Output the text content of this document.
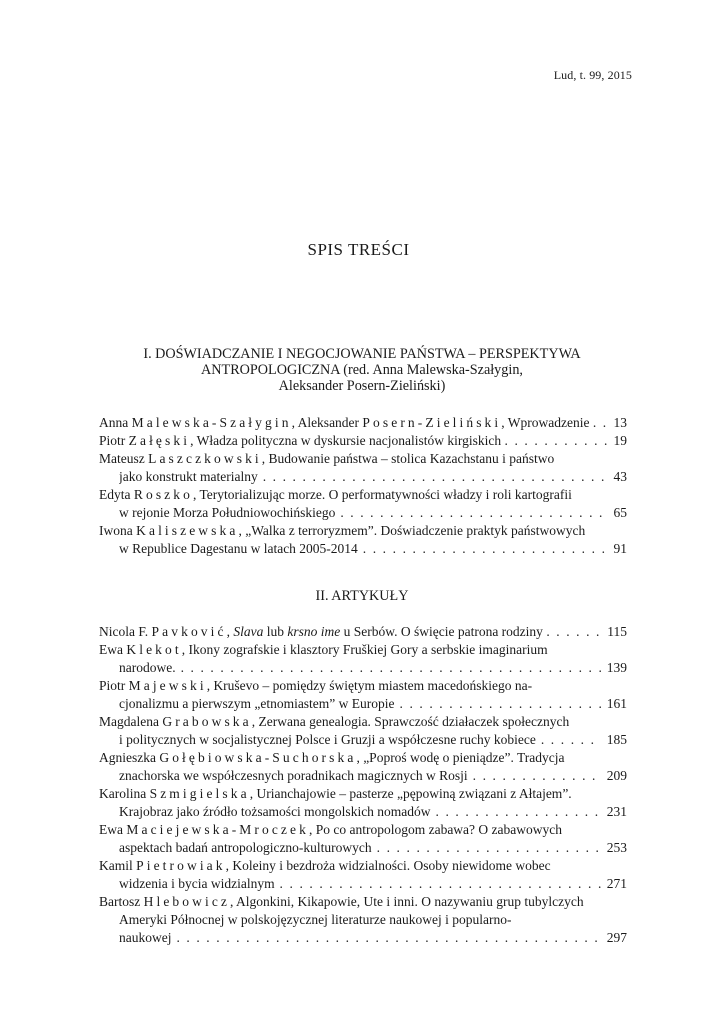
Lud, t. 99, 2015
SPIS TREŚCI
I. DOŚWIADCZANIE I NEGOCJOWANIE PAŃSTWA – PERSPEKTYWA
ANTROPOLOGICZNA (red. Anna Malewska-Szałygin,
Aleksander Posern-Zieliński)
Anna Malewska-Szałygin, Aleksander Posern-Zieliński, Wprowadzenie . . .	13
Piotr Załęski, Władza polityczna w dyskursie nacjonalistów kirgiskich . . .	19
Mateusz Laszczkowski, Budowanie państwa – stolica Kazachstanu i państwo
jako konstrukt materialny . . .	43
Edyta Roszko, Terytorializując morze. O performatywności władzy i roli kartografii
w rejonie Morza Południowochińskiego . . .	65
Iwona Kaliszewska, „Walka z terroryzmem”. Doświadczenie praktyk państwowych
w Republice Dagestanu w latach 2005-2014 . . .	91
II. ARTYKUŁY
Nicola F. Pavković, Slava lub krsno ime u Serbów. O święcie patrona rodziny . . .	115
Ewa Klekot, Ikony zografskie i klasztory Fruškiej Gory a serbskie imaginarium
narodowe. . . .	139
Piotr Majewski, Kruševo – pomiędzy świętym miastem macedońskiego na-
cjonalizmu a pierwszym „etnomiastem” w Europie . . .	161
Magdalena Grabowska, Zerwana genealogia. Sprawczość działaczek społecznych
i politycznych w socjalistycznej Polsce i Gruzji a współczesne ruchy kobiece . . .	185
Agnieszka Gołębiowska-Suchorska, „Poproś wodę o pieniądze”. Tradycja
znachorska we współczesnych poradnikach magicznych w Rosji . . .	209
Karolina Szmigielska, Urianchajowie – pasterze „pępowiną związani z Ałtajem”.
Krajobraz jako źródło tożsamości mongolskich nomadów . . .	231
Ewa Maciejewska-Mroczek, Po co antropologom zabawa? O zabawowych
aspektach badań antropologiczno-kulturowych . . .	253
Kamil Pietrowiak, Koleiny i bezdroża widzialności. Osoby niewidome wobec
widzenia i bycia widzialnym . . .	271
Bartosz Hlebowicz, Algonkini, Kikapowie, Ute i inni. O nazywaniu grup tubylczych
Ameryki Północnej w polskojęzycznej literaturze naukowej i popularno-
naukowej . . .	297
